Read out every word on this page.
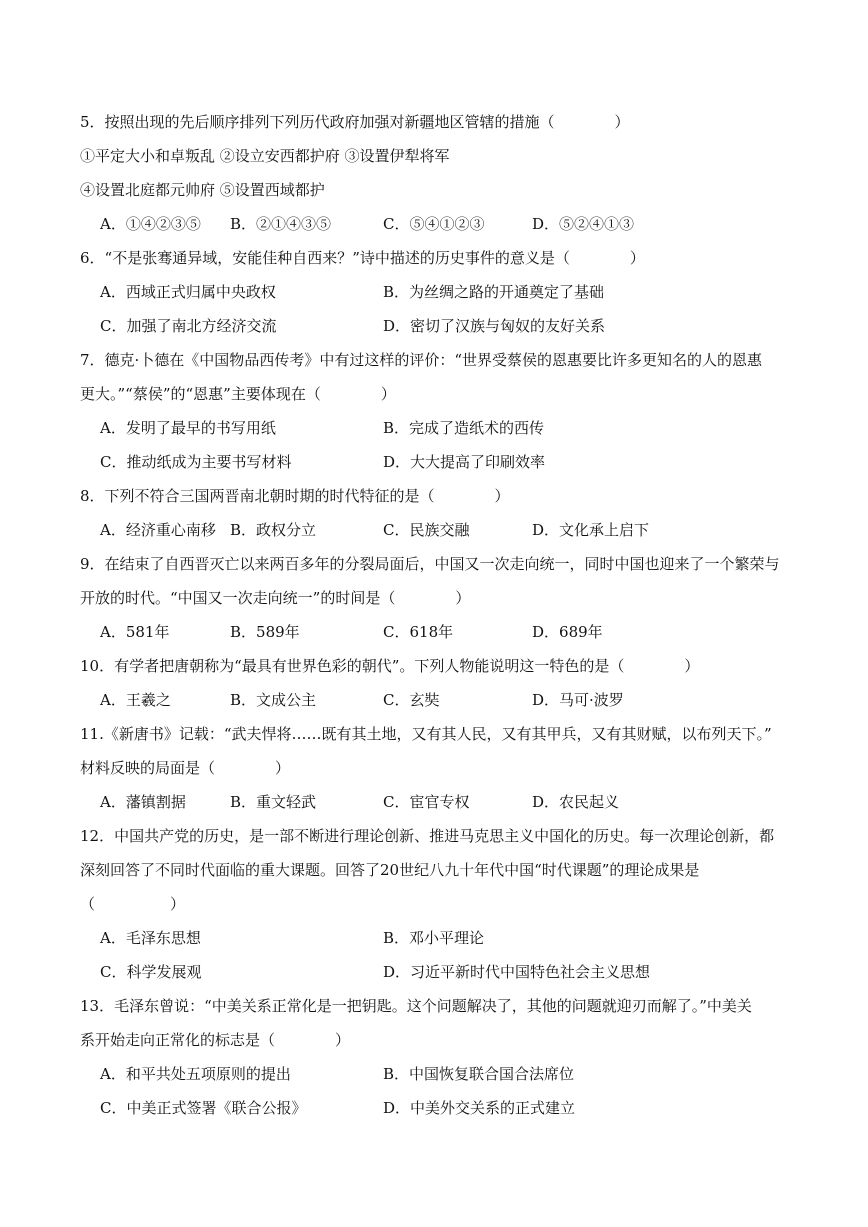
5．按照出现的先后顺序排列下列历代政府加强对新疆地区管辖的措施（　　　　）
①平定大小和卓叛乱 ②设立安西都护府 ③设置伊犁将军
④设置北庭都元帅府 ⑤设置西域都护
A．①④②③⑤ B．②①④③⑤	C．⑤④①②③	D．⑤②④①③
6．“不是张骞通异域，安能佳种自西来？”诗中描述的历史事件的意义是（　　　　）
A．西域正式归属中央政权	B．为丝绸之路的开通奠定了基础
C．加强了南北方经济交流	D．密切了汉族与匈奴的友好关系
7．德克·卜德在《中国物品西传考》中有过这样的评价：“世界受蔡侯的恩惠要比许多更知名的人的恩惠
更大。”“蔡侯”的“恩惠”主要体现在（　　　　）
A．发明了最早的书写用纸	B．完成了造纸术的西传
C．推动纸成为主要书写材料	D．大大提高了印刷效率
8．下列不符合三国两晋南北朝时期的时代特征的是（　　　　）
A．经济重心南移 B．政权分立	C．民族交融	D．文化承上启下
9．在结束了自西晋灭亡以来两百多年的分裂局面后，中国又一次走向统一，同时中国也迎来了一个繁荣与
开放的时代。“中国又一次走向统一”的时间是（　　　　）
A．581年	B．589年	C．618年	D．689年
10．有学者把唐朝称为“最具有世界色彩的朝代”。下列人物能说明这一特色的是（　　　　）
A．王羲之	B．文成公主	C．玄奘	D．马可·波罗
11.《新唐书》记载：“武夫悍将……既有其土地，又有其人民，又有其甲兵，又有其财赋，以布列天下。”
材料反映的局面是（　　　　）
A．藩镇割据	B．重文轻武	C．宦官专权	D．农民起义
12．中国共产党的历史，是一部不断进行理论创新、推进马克思主义中国化的历史。每一次理论创新，都
深刻回答了不同时代面临的重大课题。回答了20世纪八九十年代中国“时代课题”的理论成果是
（　　　　　）
A．毛泽东思想	B．邓小平理论
C．科学发展观	D．习近平新时代中国特色社会主义思想
13．毛泽东曾说：“中美关系正常化是一把钥匙。这个问题解决了，其他的问题就迎刃而解了。”中美关
系开始走向正常化的标志是（　　　　）
A．和平共处五项原则的提出	B．中国恢复联合国合法席位
C．中美正式签署《联合公报》	D．中美外交关系的正式建立
